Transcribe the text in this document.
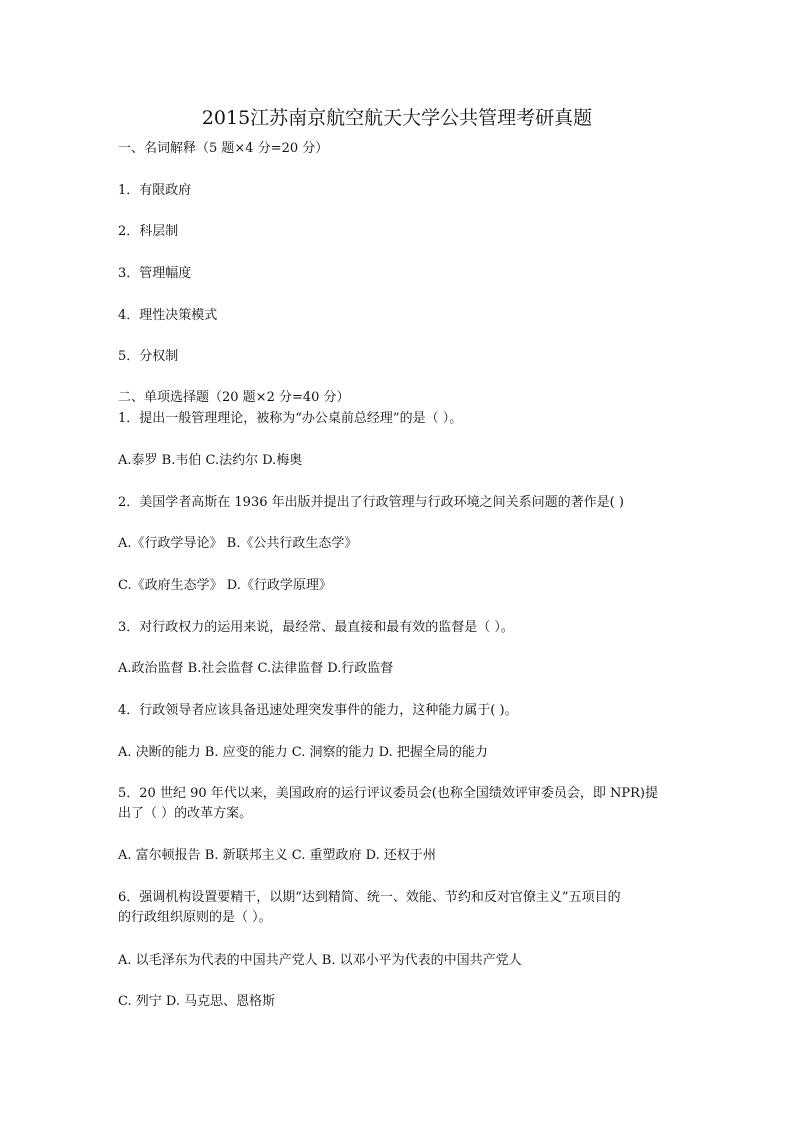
2015江苏南京航空航天大学公共管理考研真题
一、名词解释（5 题×4 分=20 分）
1．有限政府
2．科层制
3．管理幅度
4．理性决策模式
5．分权制
二、单项选择题（20 题×2 分=40 分）
1．提出一般管理理论，被称为“办公桌前总经理”的是（ ）。
A.泰罗 B.韦伯 C.法约尔 D.梅奥
2．美国学者高斯在 1936 年出版并提出了行政管理与行政环境之间关系问题的著作是( )
A.《行政学导论》 B.《公共行政生态学》
C.《政府生态学》 D.《行政学原理》
3．对行政权力的运用来说，最经常、最直接和最有效的监督是（ ）。
A.政治监督 B.社会监督 C.法律监督 D.行政监督
4．行政领导者应该具备迅速处理突发事件的能力，这种能力属于( )。
A. 决断的能力 B. 应变的能力 C. 洞察的能力 D. 把握全局的能力
5．20 世纪 90 年代以来，美国政府的运行评议委员会(也称全国绩效评审委员会，即 NPR)提
出了（ ）的改革方案。
A. 富尔顿报告 B. 新联邦主义 C. 重塑政府 D. 还权于州
6．强调机构设置要精干，以期“达到精简、统一、效能、节约和反对官僚主义”五项目的
的行政组织原则的是（ ）。
A. 以毛泽东为代表的中国共产党人 B. 以邓小平为代表的中国共产党人
C. 列宁 D. 马克思、恩格斯
